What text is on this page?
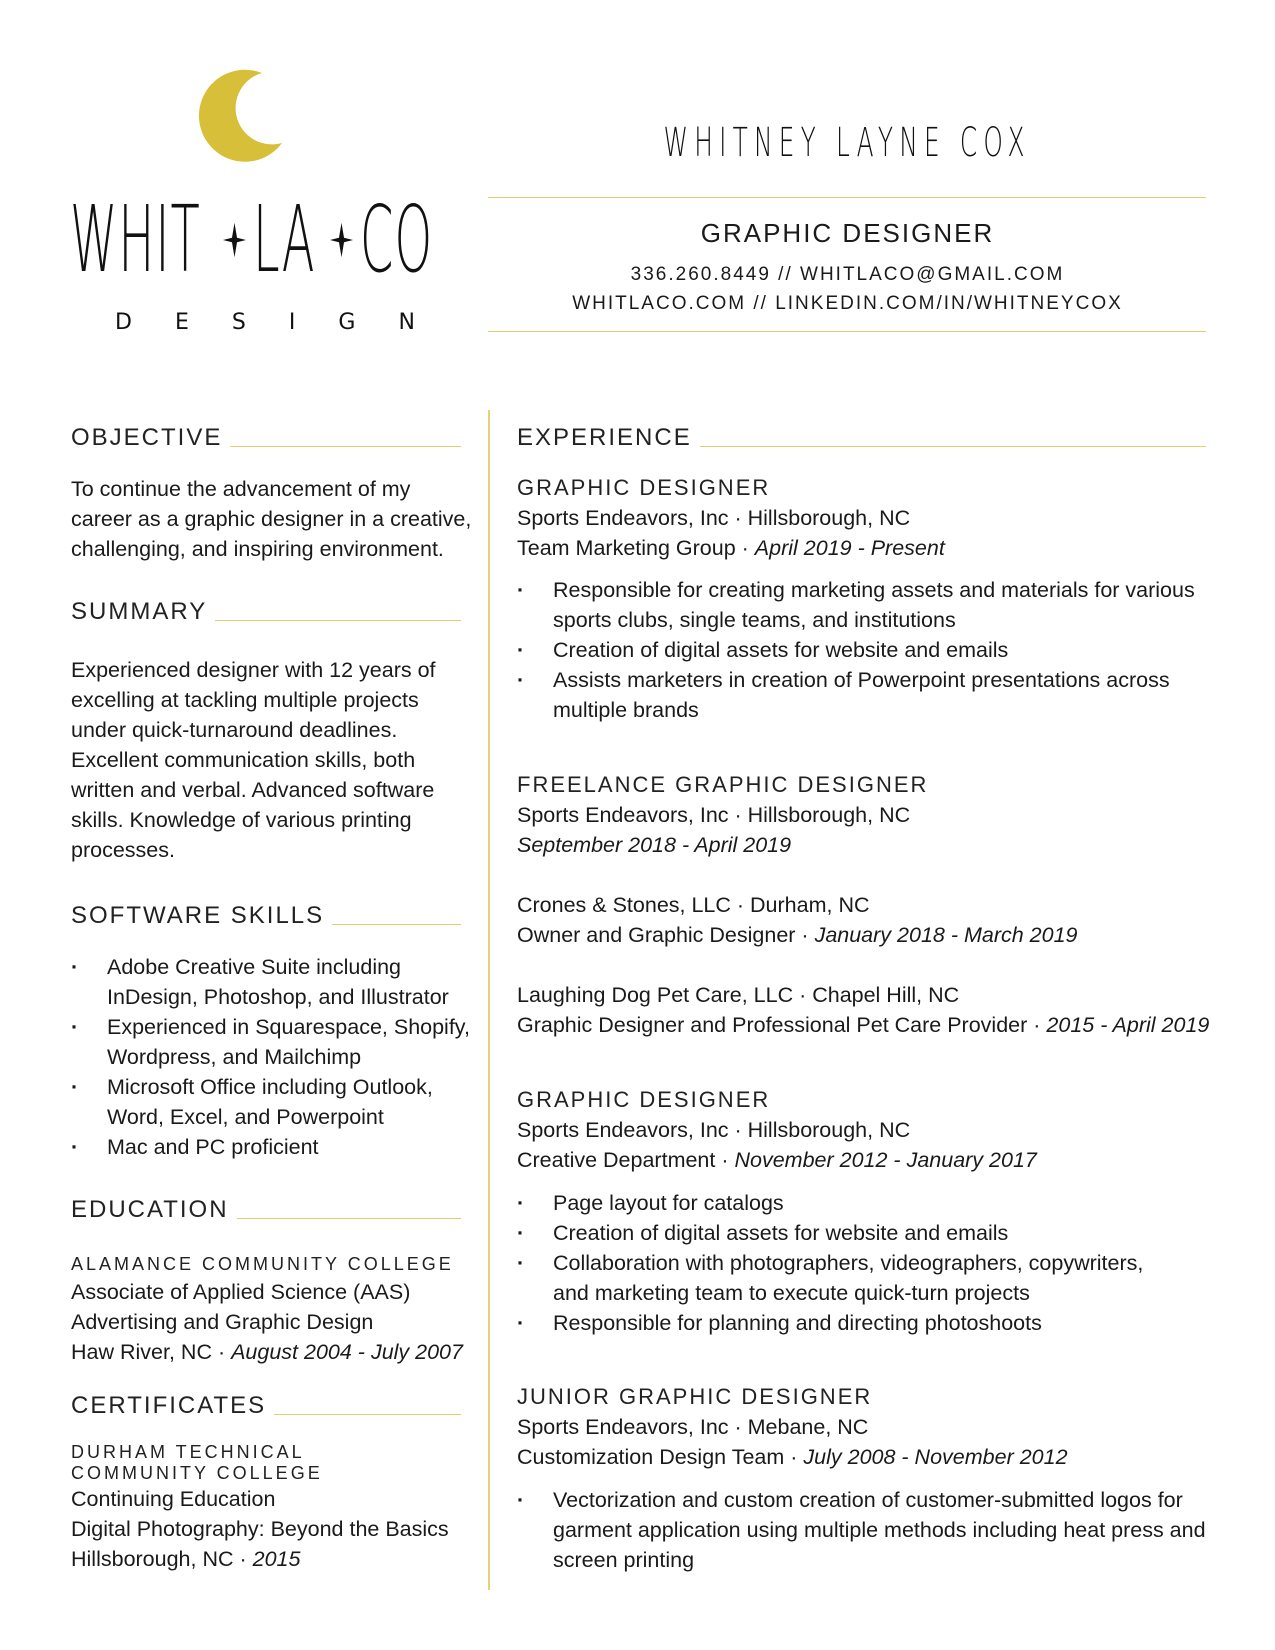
WHIT LA CO
D E S I G N
WHITNEY LAYNE COX
GRAPHIC DESIGNER
336.260.8449 // WHITLACO@GMAIL.COM
WHITLACO.COM // LINKEDIN.COM/IN/WHITNEYCOX
OBJECTIVE
To continue the advancement of my
career as a graphic designer in a creative,
challenging, and inspiring environment.
SUMMARY
Experienced designer with 12 years of
excelling at tackling multiple projects
under quick-turnaround deadlines.
Excellent communication skills, both
written and verbal. Advanced software
skills. Knowledge of various printing
processes.
SOFTWARE SKILLS
· Adobe Creative Suite including
InDesign, Photoshop, and Illustrator
· Experienced in Squarespace, Shopify,
Wordpress, and Mailchimp
· Microsoft Office including Outlook,
Word, Excel, and Powerpoint
· Mac and PC proficient
EDUCATION
ALAMANCE COMMUNITY COLLEGE
Associate of Applied Science (AAS)
Advertising and Graphic Design
Haw River, NC · August 2004 - July 2007
CERTIFICATES
DURHAM TECHNICAL
COMMUNITY COLLEGE
Continuing Education
Digital Photography: Beyond the Basics
Hillsborough, NC · 2015
EXPERIENCE
GRAPHIC DESIGNER
Sports Endeavors, Inc · Hillsborough, NC
Team Marketing Group · April 2019 - Present
· Responsible for creating marketing assets and materials for various
sports clubs, single teams, and institutions
· Creation of digital assets for website and emails
· Assists marketers in creation of Powerpoint presentations across
multiple brands
FREELANCE GRAPHIC DESIGNER
Sports Endeavors, Inc · Hillsborough, NC
September 2018 - April 2019
Crones & Stones, LLC · Durham, NC
Owner and Graphic Designer · January 2018 - March 2019
Laughing Dog Pet Care, LLC · Chapel Hill, NC
Graphic Designer and Professional Pet Care Provider · 2015 - April 2019
GRAPHIC DESIGNER
Sports Endeavors, Inc · Hillsborough, NC
Creative Department · November 2012 - January 2017
· Page layout for catalogs
· Creation of digital assets for website and emails
· Collaboration with photographers, videographers, copywriters,
and marketing team to execute quick-turn projects
· Responsible for planning and directing photoshoots
JUNIOR GRAPHIC DESIGNER
Sports Endeavors, Inc · Mebane, NC
Customization Design Team · July 2008 - November 2012
· Vectorization and custom creation of customer-submitted logos for
garment application using multiple methods including heat press and
screen printing
